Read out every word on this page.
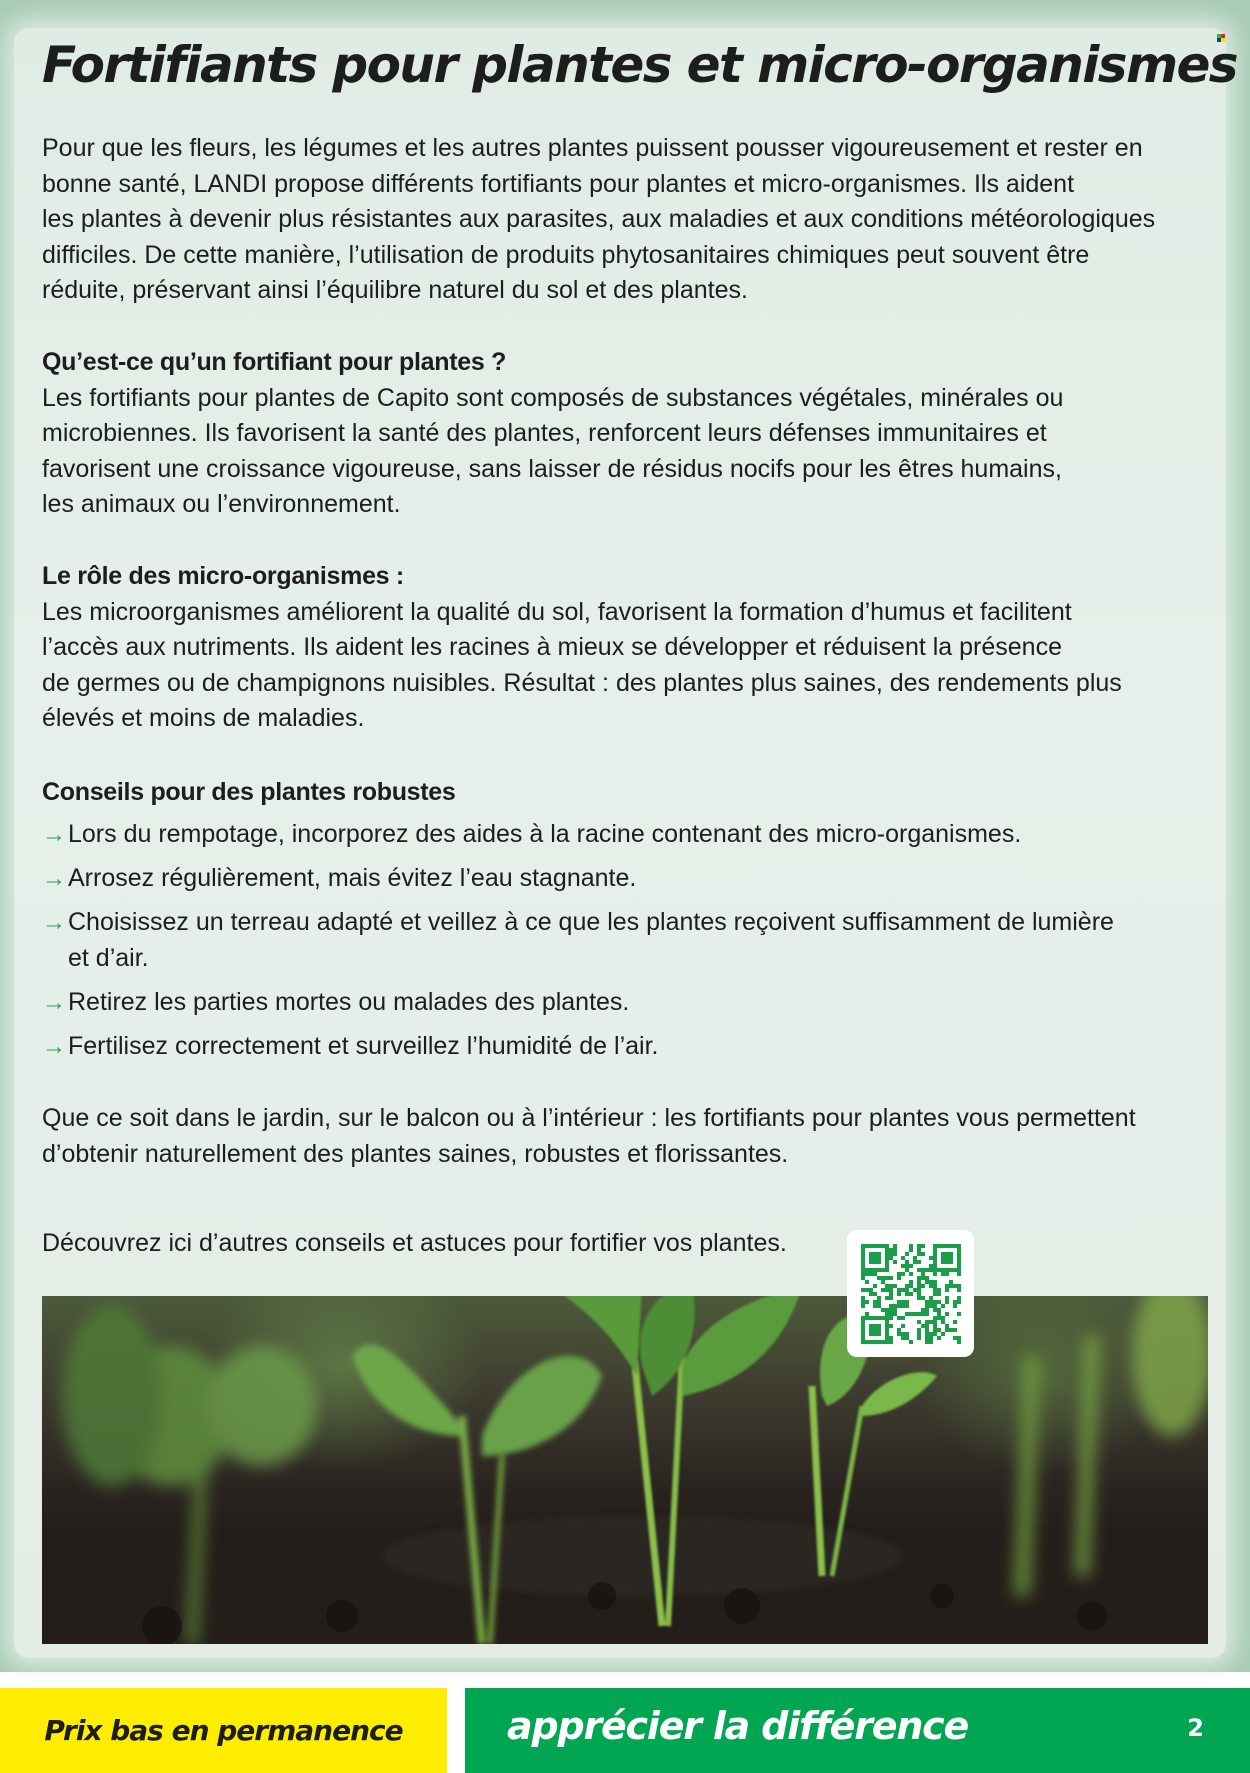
Fortifiants pour plantes et micro-organismes

Pour que les fleurs, les légumes et les autres plantes puissent pousser vigoureusement et rester en

bonne santé, LANDI propose différents fortifiants pour plantes et micro-organismes. Ils aident

les plantes à devenir plus résistantes aux parasites, aux maladies et aux conditions météorologiques

difficiles. De cette manière, l’utilisation de produits phytosanitaires chimiques peut souvent être

réduite, préservant ainsi l’équilibre naturel du sol et des plantes.

Qu’est-ce qu’un fortifiant pour plantes ?

Les fortifiants pour plantes de Capito sont composés de substances végétales, minérales ou

microbiennes. Ils favorisent la santé des plantes, renforcent leurs défenses immunitaires et

favorisent une croissance vigoureuse, sans laisser de résidus nocifs pour les êtres humains,

les animaux ou l’environnement.

Le rôle des micro-organismes :

Les microorganismes améliorent la qualité du sol, favorisent la formation d’humus et facilitent

l’accès aux nutriments. Ils aident les racines à mieux se développer et réduisent la présence

de germes ou de champignons nuisibles. Résultat : des plantes plus saines, des rendements plus

élevés et moins de maladies.

Conseils pour des plantes robustes

→ Lors du rempotage, incorporez des aides à la racine contenant des micro-organismes.

→ Arrosez régulièrement, mais évitez l’eau stagnante.

→ Choisissez un terreau adapté et veillez à ce que les plantes reçoivent suffisamment de lumière

et d’air.

→ Retirez les parties mortes ou malades des plantes.

→ Fertilisez correctement et surveillez l’humidité de l’air.

Que ce soit dans le jardin, sur le balcon ou à l’intérieur : les fortifiants pour plantes vous permettent

d’obtenir naturellement des plantes saines, robustes et florissantes.

Découvrez ici d’autres conseils et astuces pour fortifier vos plantes.

Prix bas en permanence	apprécier la différence	2
